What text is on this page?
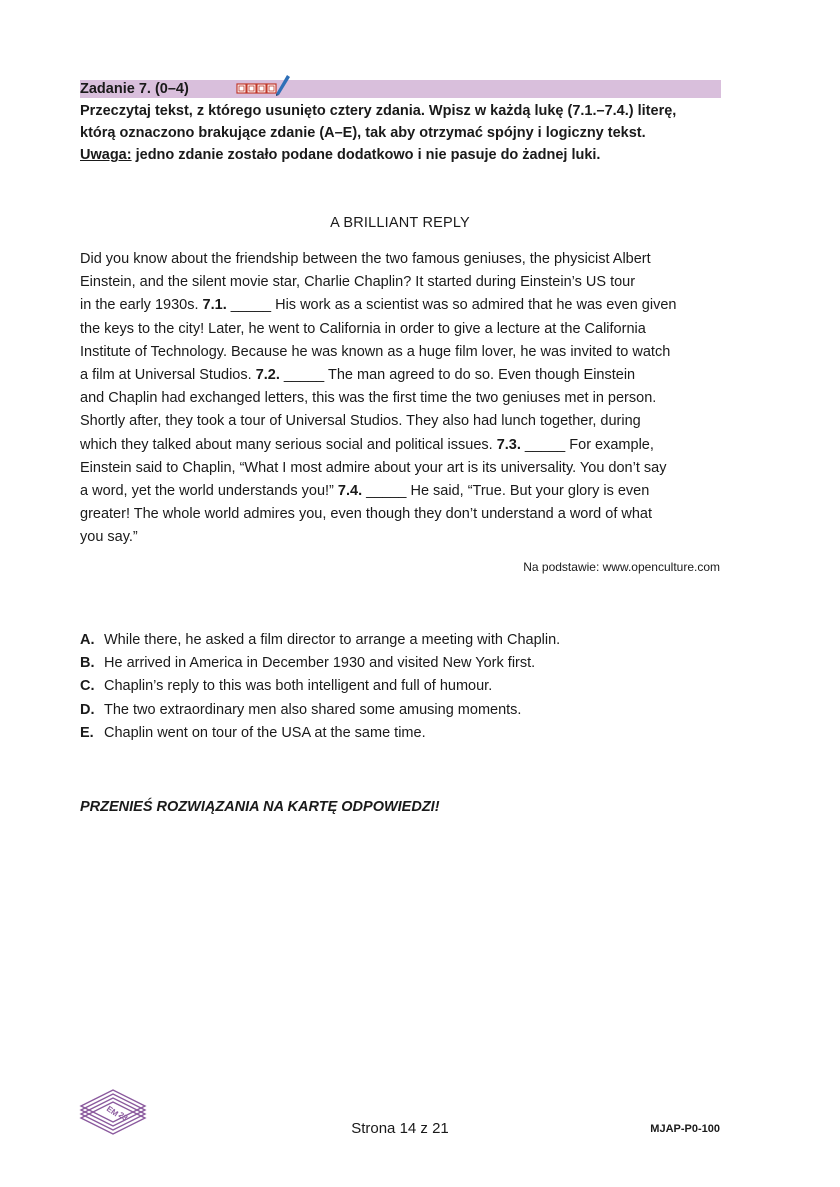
Zadanie 7. (0–4)

Przeczytaj tekst, z którego usunięto cztery zdania. Wpisz w każdą lukę (7.1.–7.4.) literę,

którą oznaczono brakujące zdanie (A–E), tak aby otrzymać spójny i logiczny tekst.

Uwaga: jedno zdanie zostało podane dodatkowo i nie pasuje do żadnej luki.

A BRILLIANT REPLY
Did you know about the friendship between the two famous geniuses, the physicist Albert
Einstein, and the silent movie star, Charlie Chaplin? It started during Einstein’s US tour
in the early 1930s. 7.1. _____ His work as a scientist was so admired that he was even given
the keys to the city! Later, he went to California in order to give a lecture at the California
Institute of Technology. Because he was known as a huge film lover, he was invited to watch
a film at Universal Studios. 7.2. _____ The man agreed to do so. Even though Einstein
and Chaplin had exchanged letters, this was the first time the two geniuses met in person.
Shortly after, they took a tour of Universal Studios. They also had lunch together, during
which they talked about many serious social and political issues. 7.3. _____ For example,
Einstein said to Chaplin, “What I most admire about your art is its universality. You don’t say
a word, yet the world understands you!” 7.4. _____ He said, “True. But your glory is even
greater! The whole world admires you, even though they don’t understand a word of what
you say.”
Na podstawie: www.openculture.com
A. While there, he asked a film director to arrange a meeting with Chaplin.
B. He arrived in America in December 1930 and visited New York first.
C. Chaplin’s reply to this was both intelligent and full of humour.
D. The two extraordinary men also shared some amusing moments.
E. Chaplin went on tour of the USA at the same time.
PRZENIEŚ ROZWIĄZANIA NA KARTĘ ODPOWIEDZI!
EM
23
Strona 14 z 21	MJAP-P0-100
